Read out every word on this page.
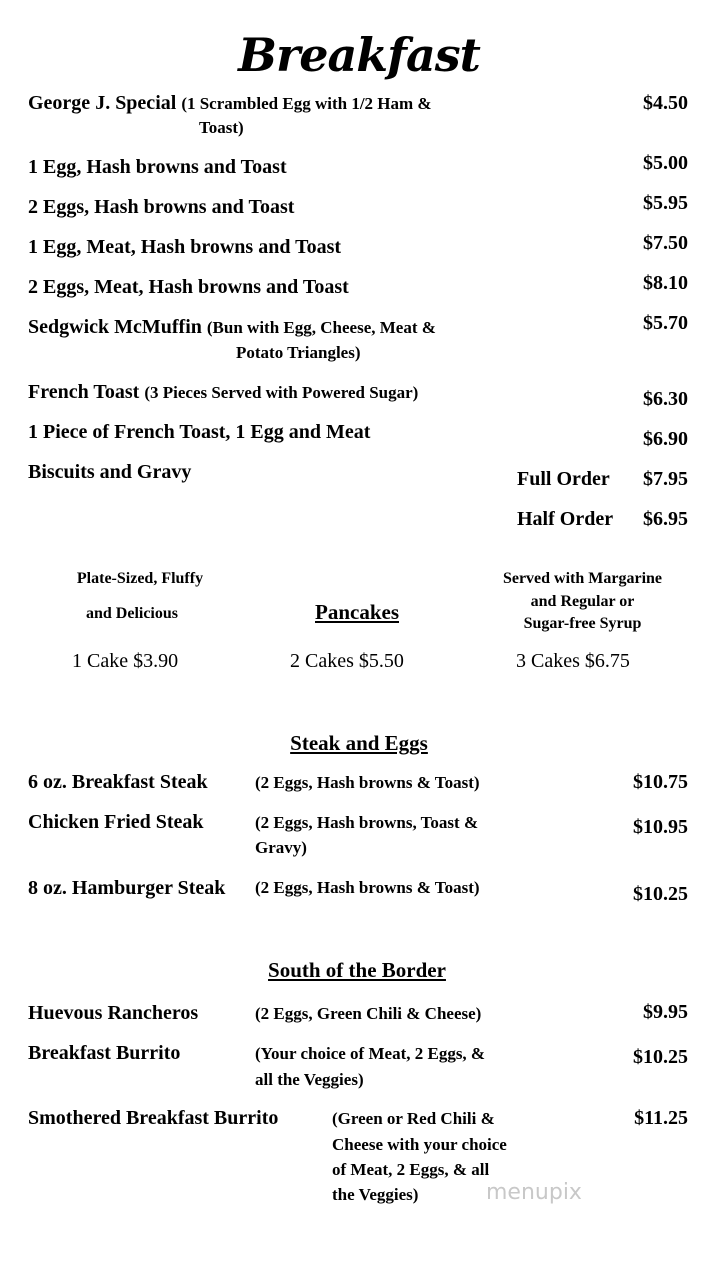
Breakfast
George J. Special (1 Scrambled Egg with 1/2 Ham &
Toast)
$4.50
1 Egg, Hash browns and Toast	$5.00
2 Eggs, Hash browns and Toast	$5.95
1 Egg, Meat, Hash browns and Toast	$7.50
2 Eggs, Meat, Hash browns and Toast	$8.10
Sedgwick McMuffin (Bun with Egg, Cheese, Meat &
Potato Triangles)
$5.70
French Toast (3 Pieces Served with Powered Sugar)	$6.30
1 Piece of French Toast, 1 Egg and Meat	$6.90
Biscuits and Gravy	Full Order $7.95
Half Order $6.95
Plate-Sized, Fluffy
and Delicious	Pancakes
Served with Margarine
and Regular or
Sugar-free Syrup
1 Cake $3.90	2 Cakes $5.50	3 Cakes $6.75
Steak and Eggs
6 oz. Breakfast Steak	(2 Eggs, Hash browns & Toast)	$10.75
Chicken Fried Steak	(2 Eggs, Hash browns, Toast &
Gravy)
$10.95
8 oz. Hamburger Steak (2 Eggs, Hash browns & Toast)	$10.25
South of the Border
Huevous Rancheros	(2 Eggs, Green Chili & Cheese)	$9.95
Breakfast Burrito	(Your choice of Meat, 2 Eggs, &
all the Veggies)
$10.25
Smothered Breakfast Burrito	(Green or Red Chili &
Cheese with your choice
of Meat, 2 Eggs, & all
the Veggies)
$11.25
menupix
